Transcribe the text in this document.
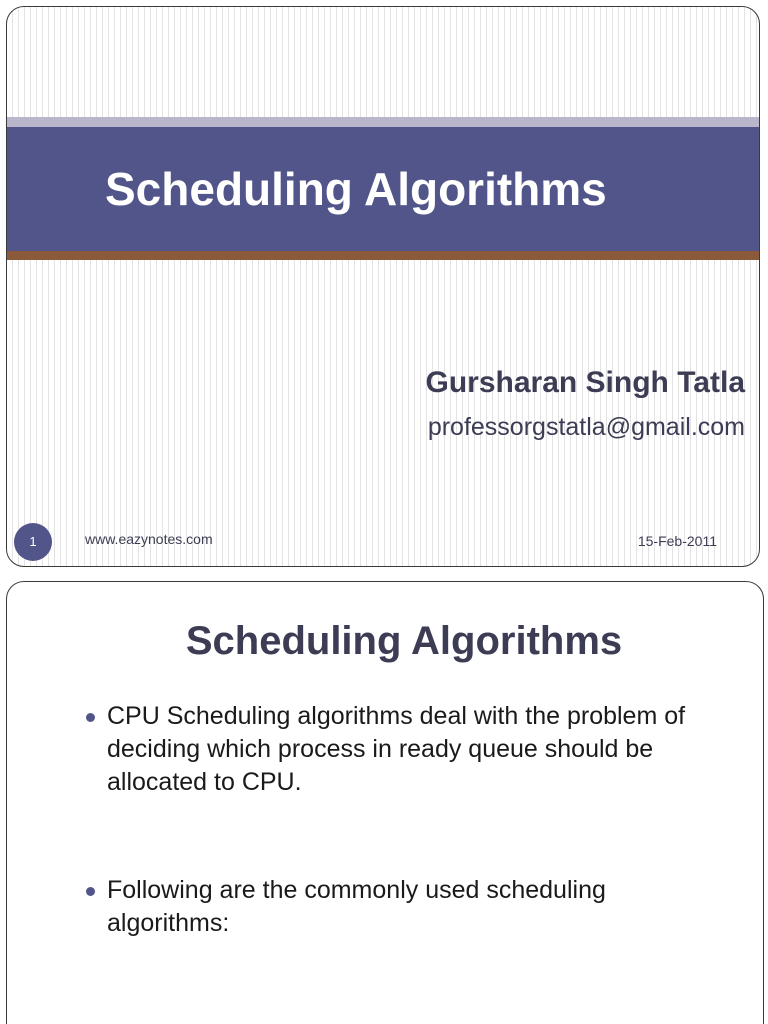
Scheduling Algorithms

Gursharan Singh Tatla

professorgstatla@gmail.com

1	www.eazynotes.com	15-Feb-2011
Scheduling Algorithms
CPU Scheduling algorithms deal with the problem of deciding which process in ready queue should be allocated to CPU.
Following are the commonly used scheduling algorithms:
